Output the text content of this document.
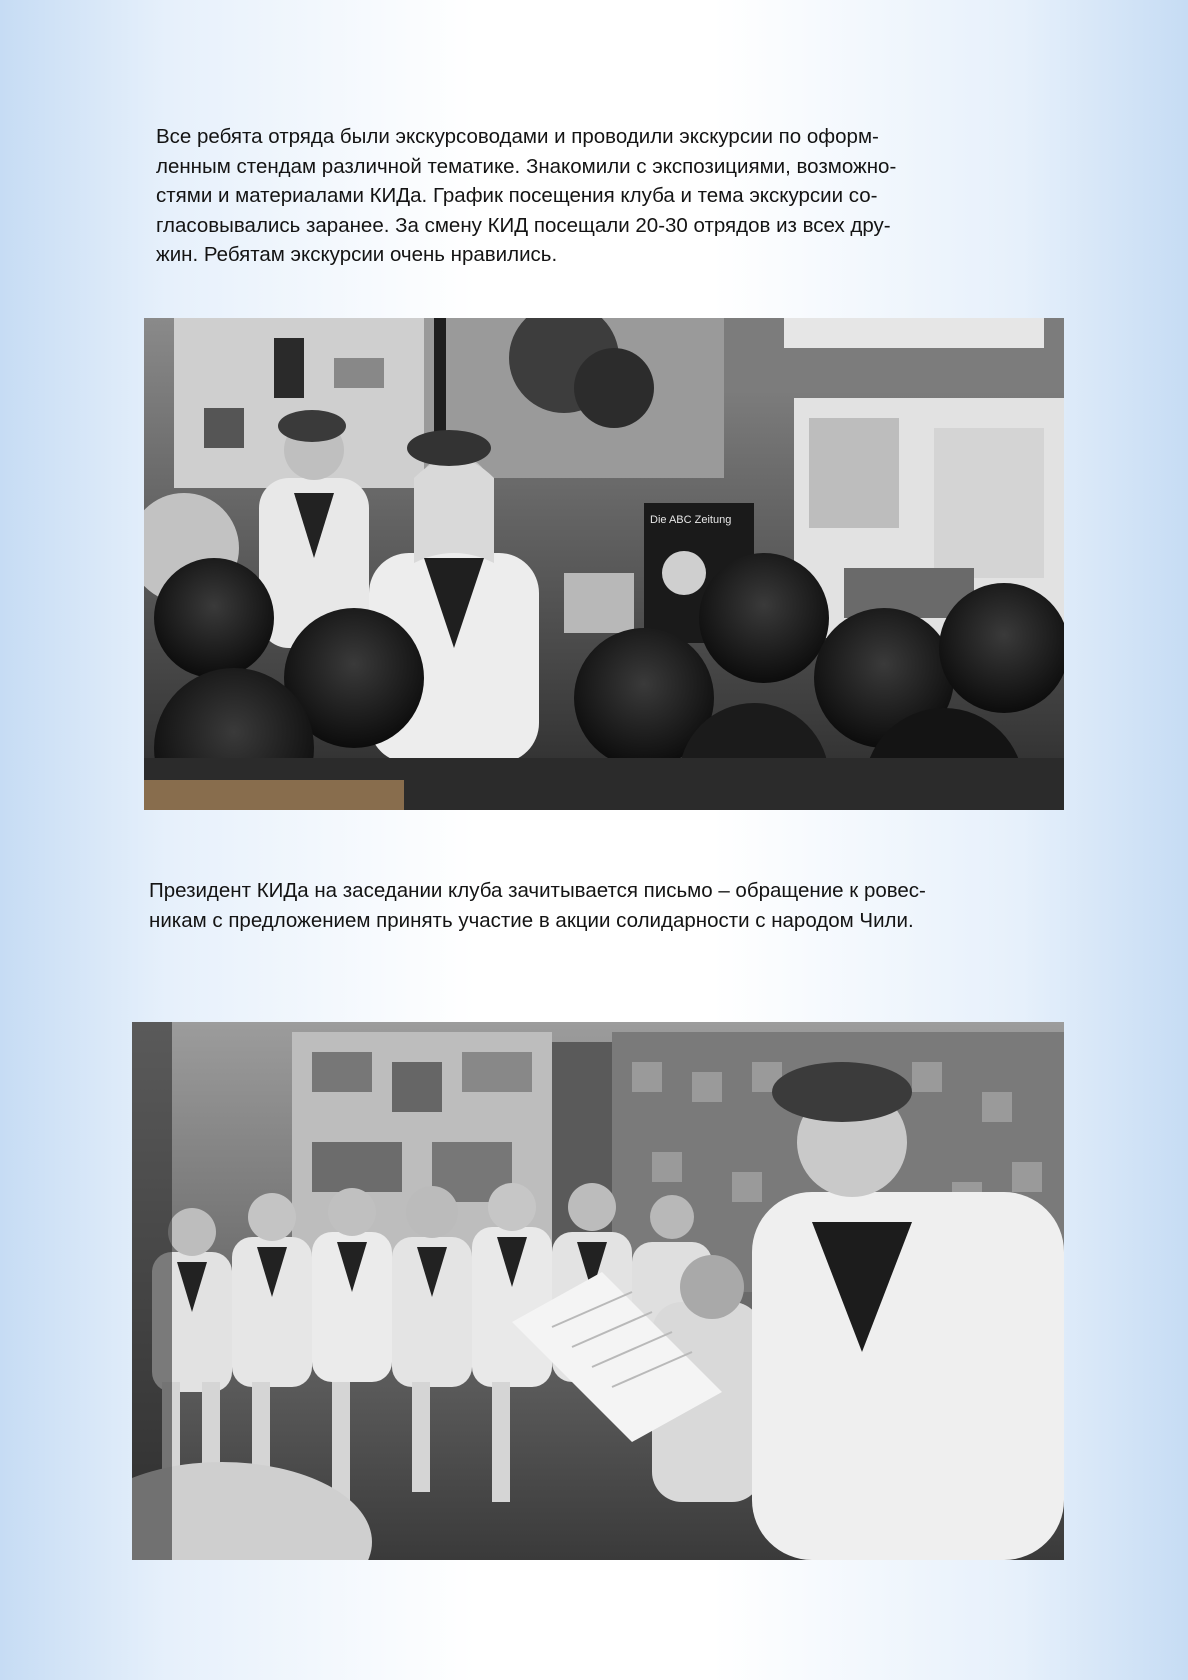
Все ребята отряда были экскурсоводами и проводили экскурсии по оформ-
ленным стендам различной тематике. Знакомили с экспозициями, возможно-
стями и материалами КИДа. График посещения клуба и тема экскурсии со-
гласовывались заранее. За смену КИД посещали 20-30 отрядов из всех дру-
жин. Ребятам экскурсии очень нравились.
Die ABC Zeitung
Президент КИДа на заседании клуба зачитывается письмо – обращение к ровес-
никам с предложением принять участие в акции солидарности с народом Чили.
